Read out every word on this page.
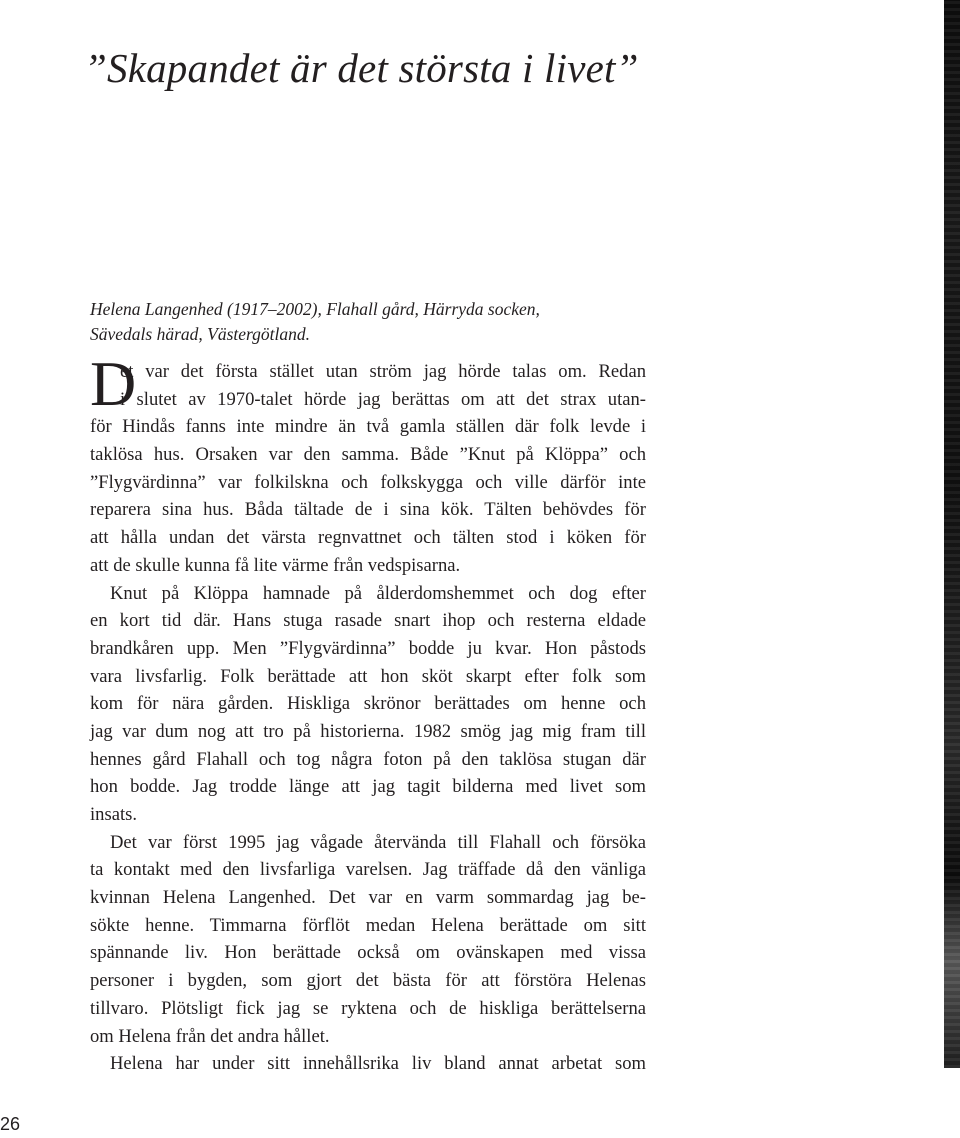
”Skapandet är det största i livet”
Helena Langenhed (1917–2002), Flahall gård, Härryda socken,
Sävedals härad, Västergötland.
D
et var det första stället utan ström jag hörde talas om. Redan
i slutet av 1970-talet hörde jag berättas om att det strax utan-
för Hindås fanns inte mindre än två gamla ställen där folk levde i
taklösa hus. Orsaken var den samma. Både ”Knut på Klöppa” och
”Flygvärdinna” var folkilskna och folkskygga och ville därför inte
reparera sina hus. Båda tältade de i sina kök. Tälten behövdes för
att hålla undan det värsta regnvattnet och tälten stod i köken för
att de skulle kunna få lite värme från vedspisarna.
Knut på Klöppa hamnade på ålderdomshemmet och dog efter
en kort tid där. Hans stuga rasade snart ihop och resterna eldade
brandkåren upp. Men ”Flygvärdinna” bodde ju kvar. Hon påstods
vara livsfarlig. Folk berättade att hon sköt skarpt efter folk som
kom för nära gården. Hiskliga skrönor berättades om henne och
jag var dum nog att tro på historierna. 1982 smög jag mig fram till
hennes gård Flahall och tog några foton på den taklösa stugan där
hon bodde. Jag trodde länge att jag tagit bilderna med livet som
insats.
Det var först 1995 jag vågade återvända till Flahall och försöka
ta kontakt med den livsfarliga varelsen. Jag träffade då den vänliga
kvinnan Helena Langenhed. Det var en varm sommardag jag be-
sökte henne. Timmarna förflöt medan Helena berättade om sitt
spännande liv. Hon berättade också om ovänskapen med vissa
personer i bygden, som gjort det bästa för att förstöra Helenas
tillvaro. Plötsligt fick jag se ryktena och de hiskliga berättelserna
om Helena från det andra hållet.
Helena har under sitt innehållsrika liv bland annat arbetat som
26
